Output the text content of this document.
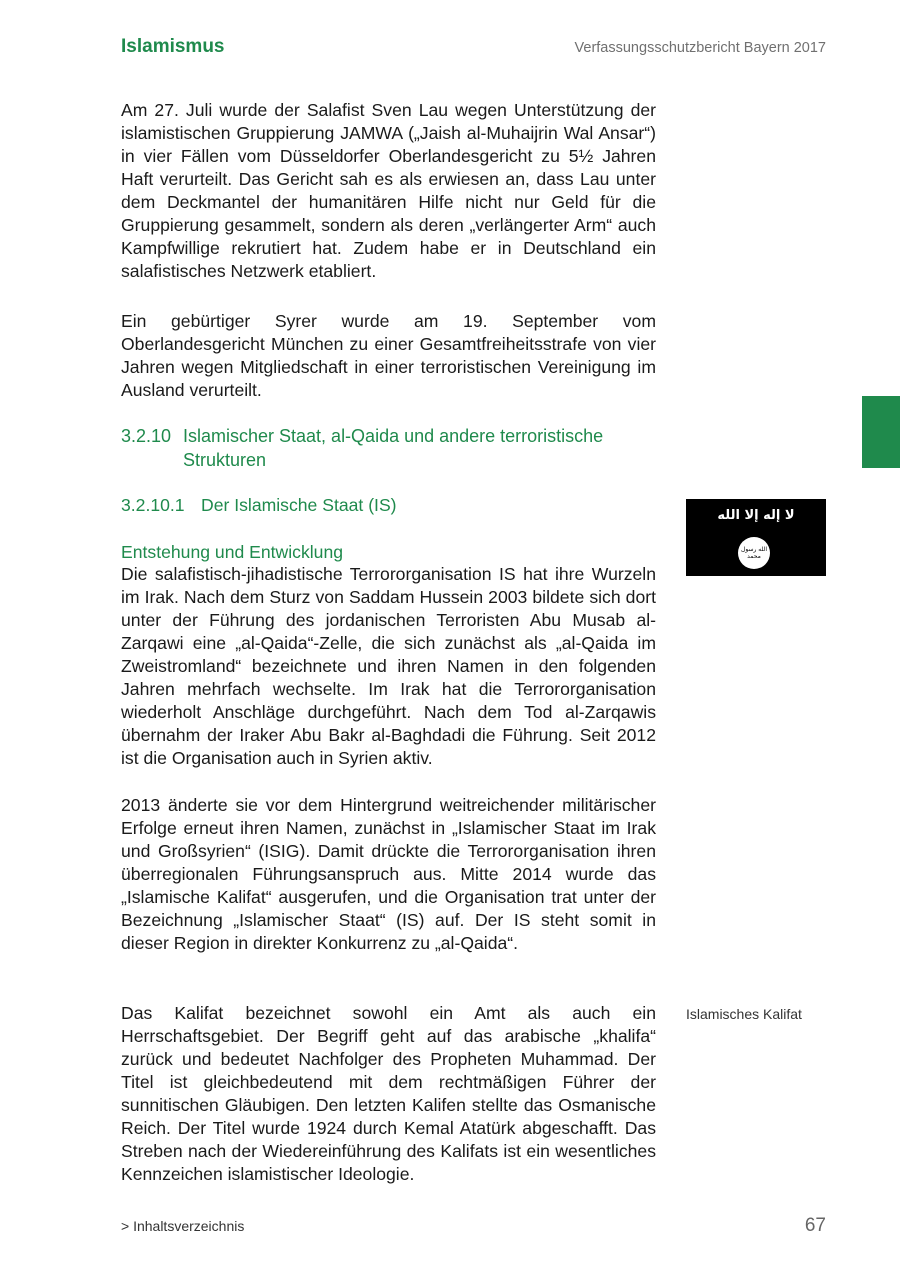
Islamismus	Verfassungsschutzbericht Bayern 2017

Am 27. Juli wurde der Salafist Sven Lau wegen Unterstützung der islamistischen Gruppierung JAMWA („Jaish al-Muhaijrin Wal Ansar“) in vier Fällen vom Düsseldorfer Oberlandesgericht zu 5½ Jahren Haft verurteilt. Das Gericht sah es als erwiesen an, dass Lau unter dem Deckmantel der humanitären Hilfe nicht nur Geld für die Gruppierung gesammelt, sondern als deren „verlängerter Arm“ auch Kampfwillige rekrutiert hat. Zudem habe er in Deutschland ein salafistisches Netzwerk etabliert.

Ein gebürtiger Syrer wurde am 19. September vom Oberlandesgericht München zu einer Gesamtfreiheitsstrafe von vier Jahren wegen Mitgliedschaft in einer terroristischen Vereinigung im Ausland verurteilt.

3.2.10 Islamischer Staat, al-Qaida und andere terroristische
Strukturen
3.2.10.1 Der Islamische Staat (IS)
Entstehung und Entwicklung

Die salafistisch-jihadistische Terrororganisation IS hat ihre Wurzeln im Irak. Nach dem Sturz von Saddam Hussein 2003 bildete sich dort unter der Führung des jordanischen Terroristen Abu Musab al-Zarqawi eine „al-Qaida“-Zelle, die sich zunächst als „al-Qaida im Zweistromland“ bezeichnete und ihren Namen in den folgenden Jahren mehrfach wechselte. Im Irak hat die Terrororganisation wiederholt Anschläge durchgeführt. Nach dem Tod al-Zarqawis übernahm der Iraker Abu Bakr al-Baghdadi die Führung. Seit 2012 ist die Organisation auch in Syrien aktiv.

2013 änderte sie vor dem Hintergrund weitreichender militärischer Erfolge erneut ihren Namen, zunächst in „Islamischer Staat im Irak und Großsyrien“ (ISIG). Damit drückte die Terrororganisation ihren überregionalen Führungsanspruch aus. Mitte 2014 wurde das „Islamische Kalifat“ ausgerufen, und die Organisation trat unter der Bezeichnung „Islamischer Staat“ (IS) auf. Der IS steht somit in dieser Region in direkter Konkurrenz zu „al-Qaida“.

Das Kalifat bezeichnet sowohl ein Amt als auch ein Herrschaftsgebiet. Der Begriff geht auf das arabische „khalifa“ zurück und bedeutet Nachfolger des Propheten Muhammad. Der Titel ist gleichbedeutend mit dem rechtmäßigen Führer der sunnitischen Gläubigen. Den letzten Kalifen stellte das Osmanische Reich. Der Titel wurde 1924 durch Kemal Atatürk abgeschafft. Das Streben nach der Wiedereinführung des Kalifats ist ein wesentliches Kennzeichen islamistischer Ideologie.

لا إله إلا الله
الله رسول محمد
Islamisches Kalifat
> Inhaltsverzeichnis	67
